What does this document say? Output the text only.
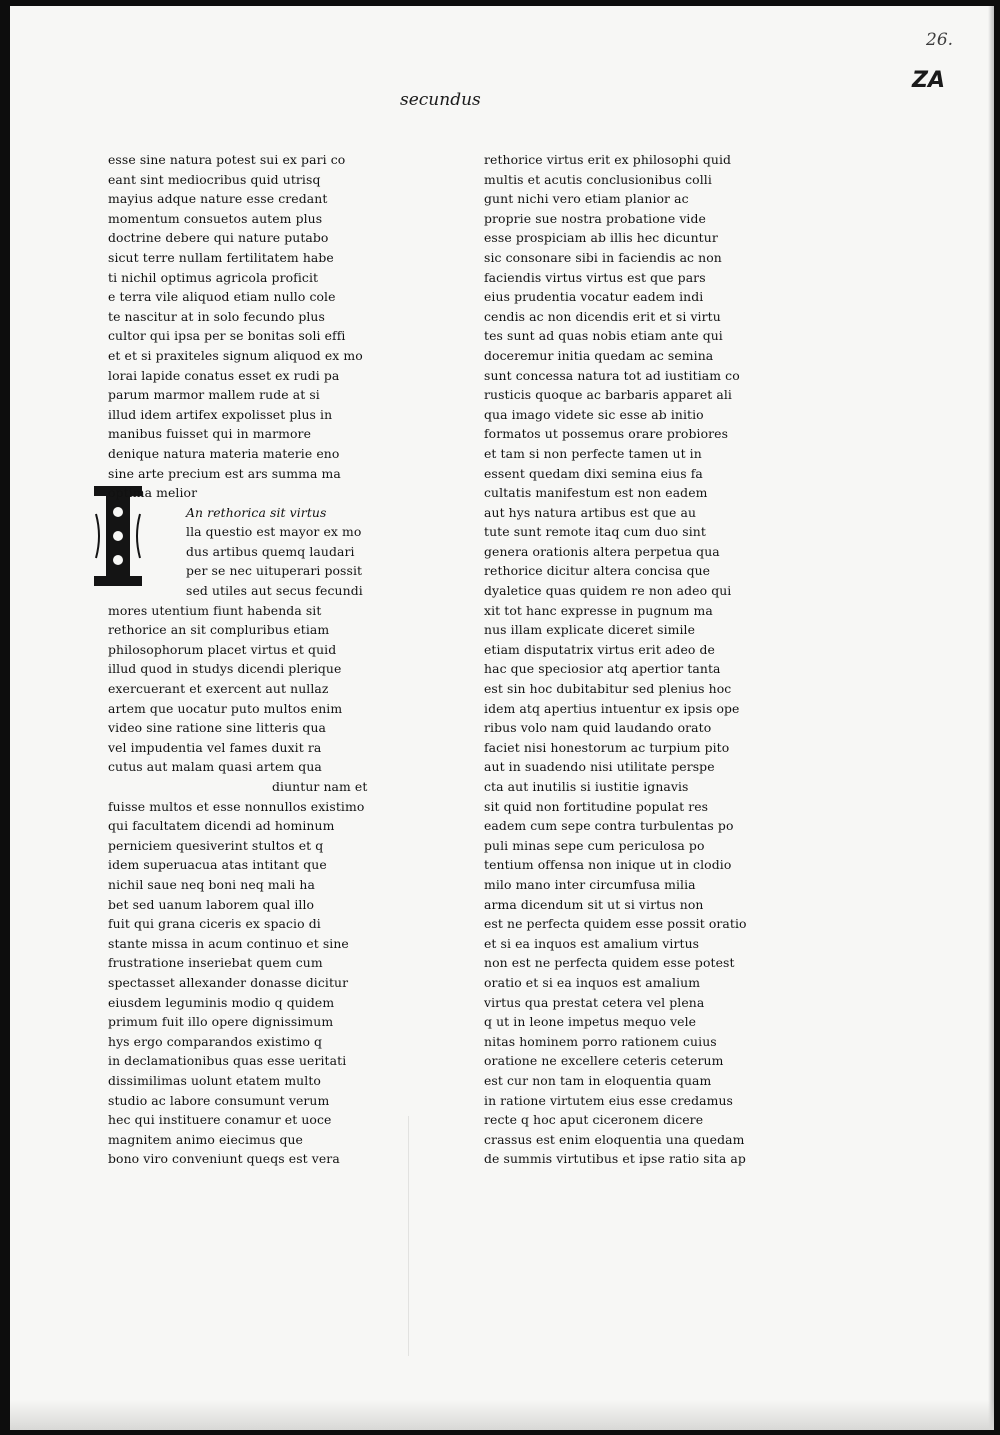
26.
ZA
secundus
I
esse sine natura potest sui ex pari co
eant sint mediocribus quid utrisq
mayius adque nature esse credant
momentum consuetos autem plus
doctrine debere qui nature putabo
sicut terre nullam fertilitatem habe
ti nichil optimus agricola proficit
e terra vile aliquod etiam nullo cole
te nascitur at in solo fecundo plus
cultor qui ipsa per se bonitas soli effi
et et si praxiteles signum aliquod ex mo
lorai lapide conatus esset ex rudi pa
parum marmor mallem rude at si
illud idem artifex expolisset plus in
manibus fuisset qui in marmore
denique natura materia materie eno
sine arte precium est ars summa ma
optima melior
An rethorica sit virtus
lla questio est mayor ex mo
dus artibus quemq laudari
per se nec uituperari possit
sed utiles aut secus fecundi
mores utentium fiunt habenda sit
rethorice an sit compluribus etiam
philosophorum placet virtus et quid
illud quod in studys dicendi plerique
exercuerant et exercent aut nullaz
artem que uocatur puto multos enim
video sine ratione sine litteris qua
vel impudentia vel fames duxit ra
cutus aut malam quasi artem qua
diuntur nam et
fuisse multos et esse nonnullos existimo
qui facultatem dicendi ad hominum
perniciem quesiverint stultos et q
idem superuacua atas intitant que
nichil saue neq boni neq mali ha
bet sed uanum laborem qual illo
fuit qui grana ciceris ex spacio di
stante missa in acum continuo et sine
frustratione inseriebat quem cum
spectasset allexander donasse dicitur
eiusdem leguminis modio q quidem
primum fuit illo opere dignissimum
hys ergo comparandos existimo q
in declamationibus quas esse ueritati
dissimilimas uolunt etatem multo
studio ac labore consumunt verum
hec qui instituere conamur et uoce
magnitem animo eiecimus que
bono viro conveniunt queqs est vera
rethorice virtus erit ex philosophi quid
multis et acutis conclusionibus colli
gunt nichi vero etiam planior ac
proprie sue nostra probatione vide
esse prospiciam ab illis hec dicuntur
sic consonare sibi in faciendis ac non
faciendis virtus virtus est que pars
eius prudentia vocatur eadem indi
cendis ac non dicendis erit et si virtu
tes sunt ad quas nobis etiam ante qui
doceremur initia quedam ac semina
sunt concessa natura tot ad iustitiam co
rusticis quoque ac barbaris apparet ali
qua imago videte sic esse ab initio
formatos ut possemus orare probiores
et tam si non perfecte tamen ut in
essent quedam dixi semina eius fa
cultatis manifestum est non eadem
aut hys natura artibus est que au
tute sunt remote itaq cum duo sint
genera orationis altera perpetua qua
rethorice dicitur altera concisa que
dyaletice quas quidem re non adeo qui
xit tot hanc expresse in pugnum ma
nus illam explicate diceret simile
etiam disputatrix virtus erit adeo de
hac que speciosior atq apertior tanta
est sin hoc dubitabitur sed plenius hoc
idem atq apertius intuentur ex ipsis ope
ribus volo nam quid laudando orato
faciet nisi honestorum ac turpium pito
aut in suadendo nisi utilitate perspe
cta aut inutilis si iustitie ignavis
sit quid non fortitudine populat res
eadem cum sepe contra turbulentas po
puli minas sepe cum periculosa po
tentium offensa non inique ut in clodio
milo mano inter circumfusa milia
arma dicendum sit ut si virtus non
est ne perfecta quidem esse possit oratio
et si ea inquos est amalium virtus
non est ne perfecta quidem esse potest
oratio et si ea inquos est amalium
virtus qua prestat cetera vel plena
q ut in leone impetus mequo vele
nitas hominem porro rationem cuius
oratione ne excellere ceteris ceterum
est cur non tam in eloquentia quam
in ratione virtutem eius esse credamus
recte q hoc aput ciceronem dicere
crassus est enim eloquentia una quedam
de summis virtutibus et ipse ratio sita ap
